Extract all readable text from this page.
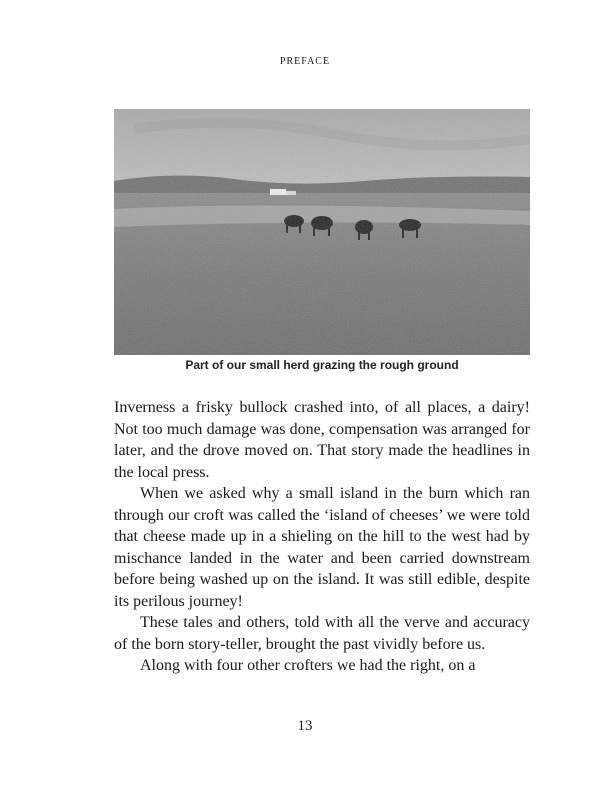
PREFACE
Part of our small herd grazing the rough ground

Inverness a frisky bullock crashed into, of all places, a dairy! Not too much damage was done, compensation was arranged for later, and the drove moved on. That story made the headlines in the local press.

When we asked why a small island in the burn which ran through our croft was called the ‘island of cheeses’ we were told that cheese made up in a shieling on the hill to the west had by mischance landed in the water and been carried downstream before being washed up on the island. It was still edible, despite its perilous journey!

These tales and others, told with all the verve and accuracy of the born story-teller, brought the past vividly before us.

Along with four other crofters we had the right, on a

13
